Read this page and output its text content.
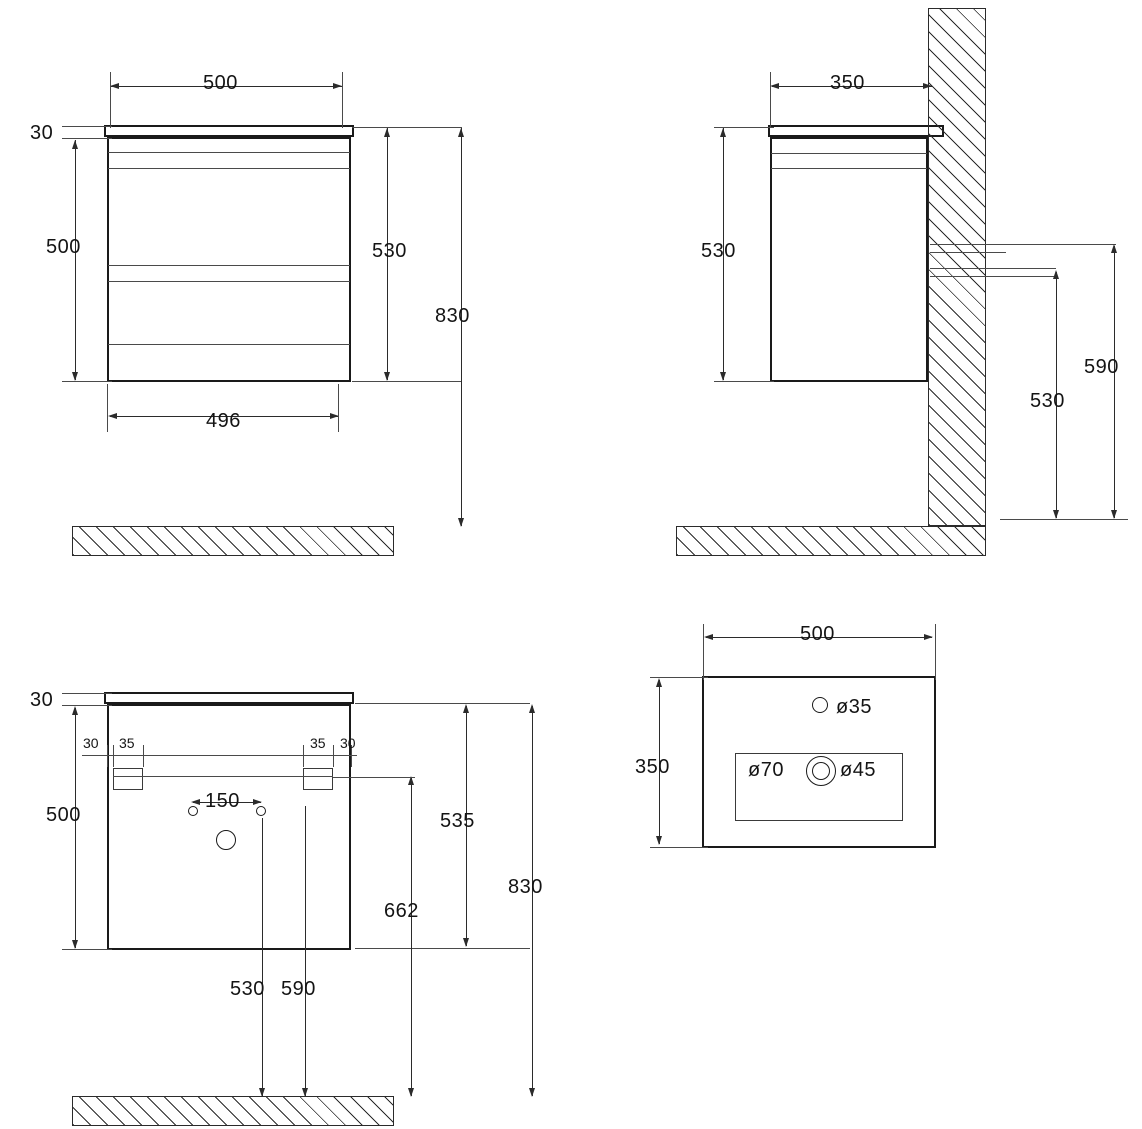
500
30
500	530
830
496
350
530
590
530
30
500
30 35	35 30
150
535
830
662
530 590
ø35
ø70	ø45
500
350
